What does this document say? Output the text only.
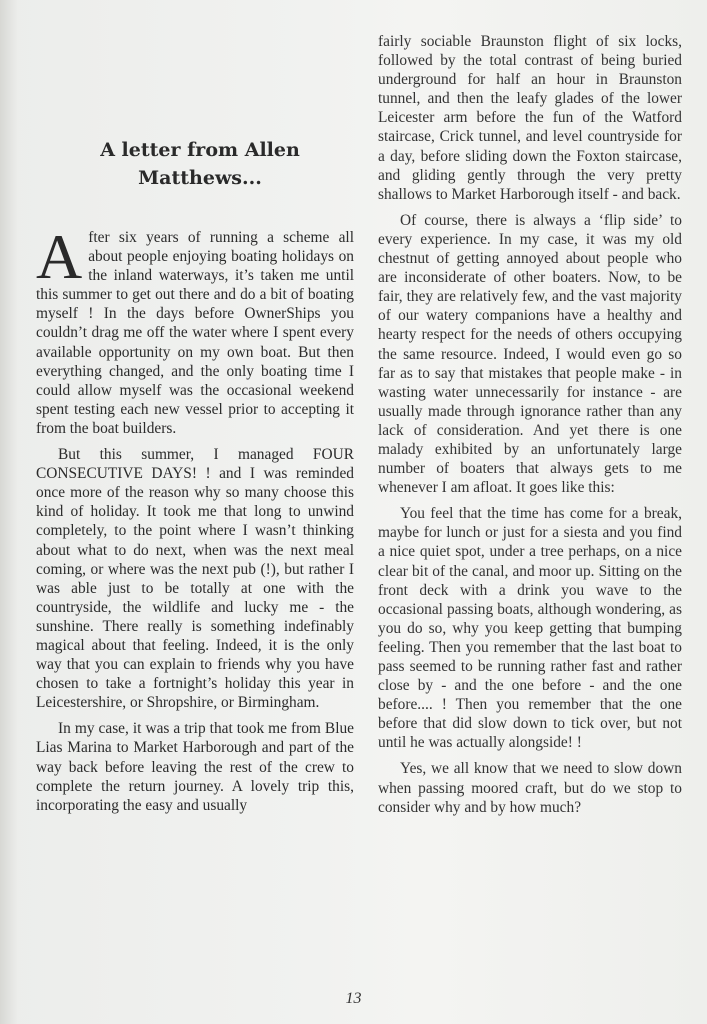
A letter from Allen Matthews...

After six years of running a scheme all about people enjoying boating holidays on the inland waterways, it’s taken me until this summer to get out there and do a bit of boating myself ! In the days before OwnerShips you couldn’t drag me off the water where I spent every available opportunity on my own boat. But then everything changed, and the only boating time I could allow myself was the occasional weekend spent testing each new vessel prior to accepting it from the boat builders.

But this summer, I managed FOUR CONSECUTIVE DAYS! ! and I was reminded once more of the reason why so many choose this kind of holiday. It took me that long to unwind completely, to the point where I wasn’t thinking about what to do next, when was the next meal coming, or where was the next pub (!), but rather I was able just to be totally at one with the countryside, the wildlife and lucky me - the sunshine. There really is something indefinably magical about that feeling. Indeed, it is the only way that you can explain to friends why you have chosen to take a fortnight’s holiday this year in Leicestershire, or Shropshire, or Birmingham.

In my case, it was a trip that took me from Blue Lias Marina to Market Harborough and part of the way back before leaving the rest of the crew to complete the return journey. A lovely trip this, incorporating the easy and usually

fairly sociable Braunston flight of six locks, followed by the total contrast of being buried underground for half an hour in Braunston tunnel, and then the leafy glades of the lower Leicester arm before the fun of the Watford staircase, Crick tunnel, and level countryside for a day, before sliding down the Foxton staircase, and gliding gently through the very pretty shallows to Market Harborough itself - and back.

Of course, there is always a ‘flip side’ to every experience. In my case, it was my old chestnut of getting annoyed about people who are inconsiderate of other boaters. Now, to be fair, they are relatively few, and the vast majority of our watery companions have a healthy and hearty respect for the needs of others occupying the same resource. Indeed, I would even go so far as to say that mistakes that people make - in wasting water unnecessarily for instance - are usually made through ignorance rather than any lack of consideration. And yet there is one malady exhibited by an unfortunately large number of boaters that always gets to me whenever I am afloat. It goes like this:

You feel that the time has come for a break, maybe for lunch or just for a siesta and you find a nice quiet spot, under a tree perhaps, on a nice clear bit of the canal, and moor up. Sitting on the front deck with a drink you wave to the occasional passing boats, although wondering, as you do so, why you keep getting that bumping feeling. Then you remember that the last boat to pass seemed to be running rather fast and rather close by - and the one before - and the one before.... ! Then you remember that the one before that did slow down to tick over, but not until he was actually alongside! !

Yes, we all know that we need to slow down when passing moored craft, but do we stop to consider why and by how much?

13
